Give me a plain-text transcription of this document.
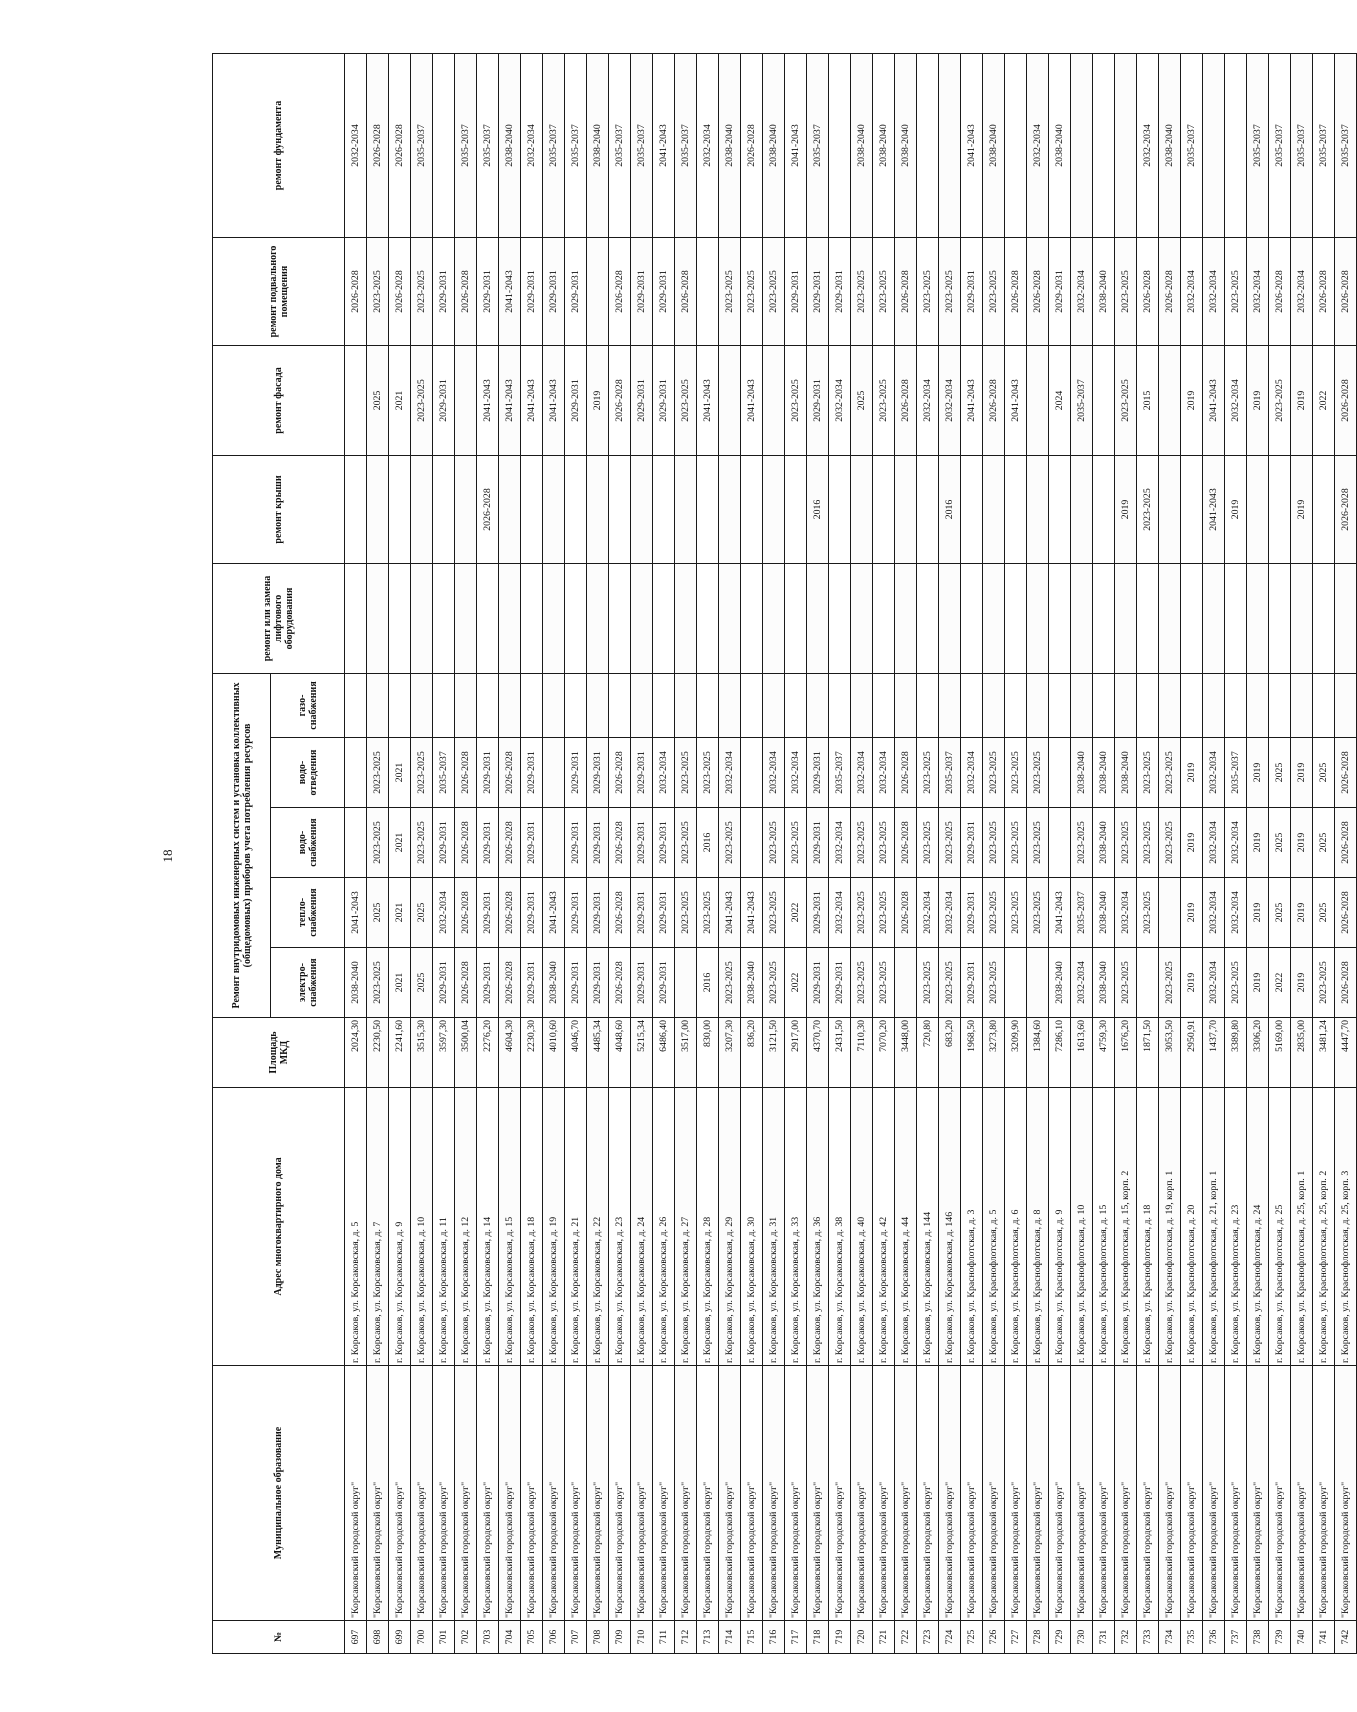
18
№	Муниципальное образование	Адрес многоквартирного дома	Площадь МКД	Ремонт внутридомовых инженерных систем и установка коллективных (общедомовых) приборов учета потребления ресурсов					ремонт или замена лифтового оборудования	ремонт крыши	ремонт фасада	ремонт подвального помещения	ремонт фундамента
				электро-снабжения	тепло-снабжения	водо-снабжения	водо-отведения	газо-снабжения					
697	"Корсаковский городской округ"	г. Корсаков, ул. Корсаковская, д. 5	2024,30	2038-2040	2041-2043							2026-2028	2032-2034
698	"Корсаковский городской округ"	г. Корсаков, ул. Корсаковская, д. 7	2230,50	2023-2025	2025	2023-2025	2023-2025				2025	2023-2025	2026-2028
699	"Корсаковский городской округ"	г. Корсаков, ул. Корсаковская, д. 9	2241,60	2021	2021	2021	2021				2021	2026-2028	2026-2028
700	"Корсаковский городской округ"	г. Корсаков, ул. Корсаковская, д. 10	3515,30	2025	2025	2023-2025	2023-2025				2023-2025	2023-2025	2035-2037
701	"Корсаковский городской округ"	г. Корсаков, ул. Корсаковская, д. 11	3597,30	2029-2031	2032-2034	2029-2031	2035-2037				2029-2031	2029-2031	
702	"Корсаковский городской округ"	г. Корсаков, ул. Корсаковская, д. 12	3500,04	2026-2028	2026-2028	2026-2028	2026-2028					2026-2028	2035-2037
703	"Корсаковский городской округ"	г. Корсаков, ул. Корсаковская, д. 14	2276,20	2029-2031	2029-2031	2029-2031	2029-2031			2026-2028	2041-2043	2029-2031	2035-2037
704	"Корсаковский городской округ"	г. Корсаков, ул. Корсаковская, д. 15	4604,30	2026-2028	2026-2028	2026-2028	2026-2028				2041-2043	2041-2043	2038-2040
705	"Корсаковский городской округ"	г. Корсаков, ул. Корсаковская, д. 18	2230,30	2029-2031	2029-2031	2029-2031	2029-2031				2041-2043	2029-2031	2032-2034
706	"Корсаковский городской округ"	г. Корсаков, ул. Корсаковская, д. 19	4010,60	2038-2040	2041-2043						2041-2043	2029-2031	2035-2037
707	"Корсаковский городской округ"	г. Корсаков, ул. Корсаковская, д. 21	4046,70	2029-2031	2029-2031	2029-2031	2029-2031				2029-2031	2029-2031	2035-2037
708	"Корсаковский городской округ"	г. Корсаков, ул. Корсаковская, д. 22	4485,34	2029-2031	2029-2031	2029-2031	2029-2031				2019		2038-2040
709	"Корсаковский городской округ"	г. Корсаков, ул. Корсаковская, д. 23	4048,60	2026-2028	2026-2028	2026-2028	2026-2028				2026-2028	2026-2028	2035-2037
710	"Корсаковский городской округ"	г. Корсаков, ул. Корсаковская, д. 24	5215,34	2029-2031	2029-2031	2029-2031	2029-2031				2029-2031	2029-2031	2035-2037
711	"Корсаковский городской округ"	г. Корсаков, ул. Корсаковская, д. 26	6486,40	2029-2031	2029-2031	2029-2031	2032-2034				2029-2031	2029-2031	2041-2043
712	"Корсаковский городской округ"	г. Корсаков, ул. Корсаковская, д. 27	3517,00		2023-2025	2023-2025	2023-2025				2023-2025	2026-2028	2035-2037
713	"Корсаковский городской округ"	г. Корсаков, ул. Корсаковская, д. 28	830,00	2016	2023-2025	2016	2023-2025				2041-2043		2032-2034
714	"Корсаковский городской округ"	г. Корсаков, ул. Корсаковская, д. 29	3207,30	2023-2025	2041-2043	2023-2025	2032-2034					2023-2025	2038-2040
715	"Корсаковский городской округ"	г. Корсаков, ул. Корсаковская, д. 30	836,20	2038-2040	2041-2043						2041-2043	2023-2025	2026-2028
716	"Корсаковский городской округ"	г. Корсаков, ул. Корсаковская, д. 31	3121,50	2023-2025	2023-2025	2023-2025	2032-2034					2023-2025	2038-2040
717	"Корсаковский городской округ"	г. Корсаков, ул. Корсаковская, д. 33	2917,00	2022	2022	2023-2025	2032-2034				2023-2025	2029-2031	2041-2043
718	"Корсаковский городской округ"	г. Корсаков, ул. Корсаковская, д. 36	4370,70	2029-2031	2029-2031	2029-2031	2029-2031			2016	2029-2031	2029-2031	2035-2037
719	"Корсаковский городской округ"	г. Корсаков, ул. Корсаковская, д. 38	2431,50	2029-2031	2032-2034	2032-2034	2035-2037				2032-2034	2029-2031	
720	"Корсаковский городской округ"	г. Корсаков, ул. Корсаковская, д. 40	7110,30	2023-2025	2023-2025	2023-2025	2032-2034				2025	2023-2025	2038-2040
721	"Корсаковский городской округ"	г. Корсаков, ул. Корсаковская, д. 42	7070,20	2023-2025	2023-2025	2023-2025	2032-2034				2023-2025	2023-2025	2038-2040
722	"Корсаковский городской округ"	г. Корсаков, ул. Корсаковская, д. 44	3448,00		2026-2028	2026-2028	2026-2028				2026-2028	2026-2028	2038-2040
723	"Корсаковский городской округ"	г. Корсаков, ул. Корсаковская, д. 144	720,80	2023-2025	2032-2034	2023-2025	2023-2025				2032-2034	2023-2025	
724	"Корсаковский городской округ"	г. Корсаков, ул. Корсаковская, д. 146	683,20	2023-2025	2032-2034	2023-2025	2035-2037			2016	2032-2034	2023-2025	
725	"Корсаковский городской округ"	г. Корсаков, ул. Краснофлотская, д. 3	1968,50	2029-2031	2029-2031	2029-2031	2032-2034				2041-2043	2029-2031	2041-2043
726	"Корсаковский городской округ"	г. Корсаков, ул. Краснофлотская, д. 5	3273,80	2023-2025	2023-2025	2023-2025	2023-2025				2026-2028	2023-2025	2038-2040
727	"Корсаковский городской округ"	г. Корсаков, ул. Краснофлотская, д. 6	3209,90		2023-2025	2023-2025	2023-2025				2041-2043	2026-2028	
728	"Корсаковский городской округ"	г. Корсаков, ул. Краснофлотская, д. 8	1384,60		2023-2025	2023-2025	2023-2025					2026-2028	2032-2034
729	"Корсаковский городской округ"	г. Корсаков, ул. Краснофлотская, д. 9	7286,10	2038-2040	2041-2043						2024	2029-2031	2038-2040
730	"Корсаковский городской округ"	г. Корсаков, ул. Краснофлотская, д. 10	1613,60	2032-2034	2035-2037	2023-2025	2038-2040				2035-2037	2032-2034	
731	"Корсаковский городской округ"	г. Корсаков, ул. Краснофлотская, д. 15	4759,30	2038-2040	2038-2040	2038-2040	2038-2040					2038-2040	
732	"Корсаковский городской округ"	г. Корсаков, ул. Краснофлотская, д. 15, корп. 2	1676,20	2023-2025	2032-2034	2023-2025	2038-2040			2019	2023-2025	2023-2025	
733	"Корсаковский городской округ"	г. Корсаков, ул. Краснофлотская, д. 18	1871,50		2023-2025	2023-2025	2023-2025			2023-2025	2015	2026-2028	2032-2034
734	"Корсаковский городской округ"	г. Корсаков, ул. Краснофлотская, д. 19, корп. 1	3053,50	2023-2025		2023-2025	2023-2025					2026-2028	2038-2040
735	"Корсаковский городской округ"	г. Корсаков, ул. Краснофлотская, д. 20	2950,91	2019	2019	2019	2019				2019	2032-2034	2035-2037
736	"Корсаковский городской округ"	г. Корсаков, ул. Краснофлотская, д. 21, корп. 1	1437,70	2032-2034	2032-2034	2032-2034	2032-2034			2041-2043	2041-2043	2032-2034	
737	"Корсаковский городской округ"	г. Корсаков, ул. Краснофлотская, д. 23	3389,80	2023-2025	2032-2034	2032-2034	2035-2037			2019	2032-2034	2023-2025	
738	"Корсаковский городской округ"	г. Корсаков, ул. Краснофлотская, д. 24	3306,20	2019	2019	2019	2019				2019	2032-2034	2035-2037
739	"Корсаковский городской округ"	г. Корсаков, ул. Краснофлотская, д. 25	5169,00	2022	2025	2025	2025				2023-2025	2026-2028	2035-2037
740	"Корсаковский городской округ"	г. Корсаков, ул. Краснофлотская, д. 25, корп. 1	2835,00	2019	2019	2019	2019			2019	2019	2032-2034	2035-2037
741	"Корсаковский городской округ"	г. Корсаков, ул. Краснофлотская, д. 25, корп. 2	3481,24	2023-2025	2025	2025	2025				2022	2026-2028	2035-2037
742	"Корсаковский городской округ"	г. Корсаков, ул. Краснофлотская, д. 25, корп. 3	4447,70	2026-2028	2026-2028	2026-2028	2026-2028			2026-2028	2026-2028	2026-2028	2035-2037
